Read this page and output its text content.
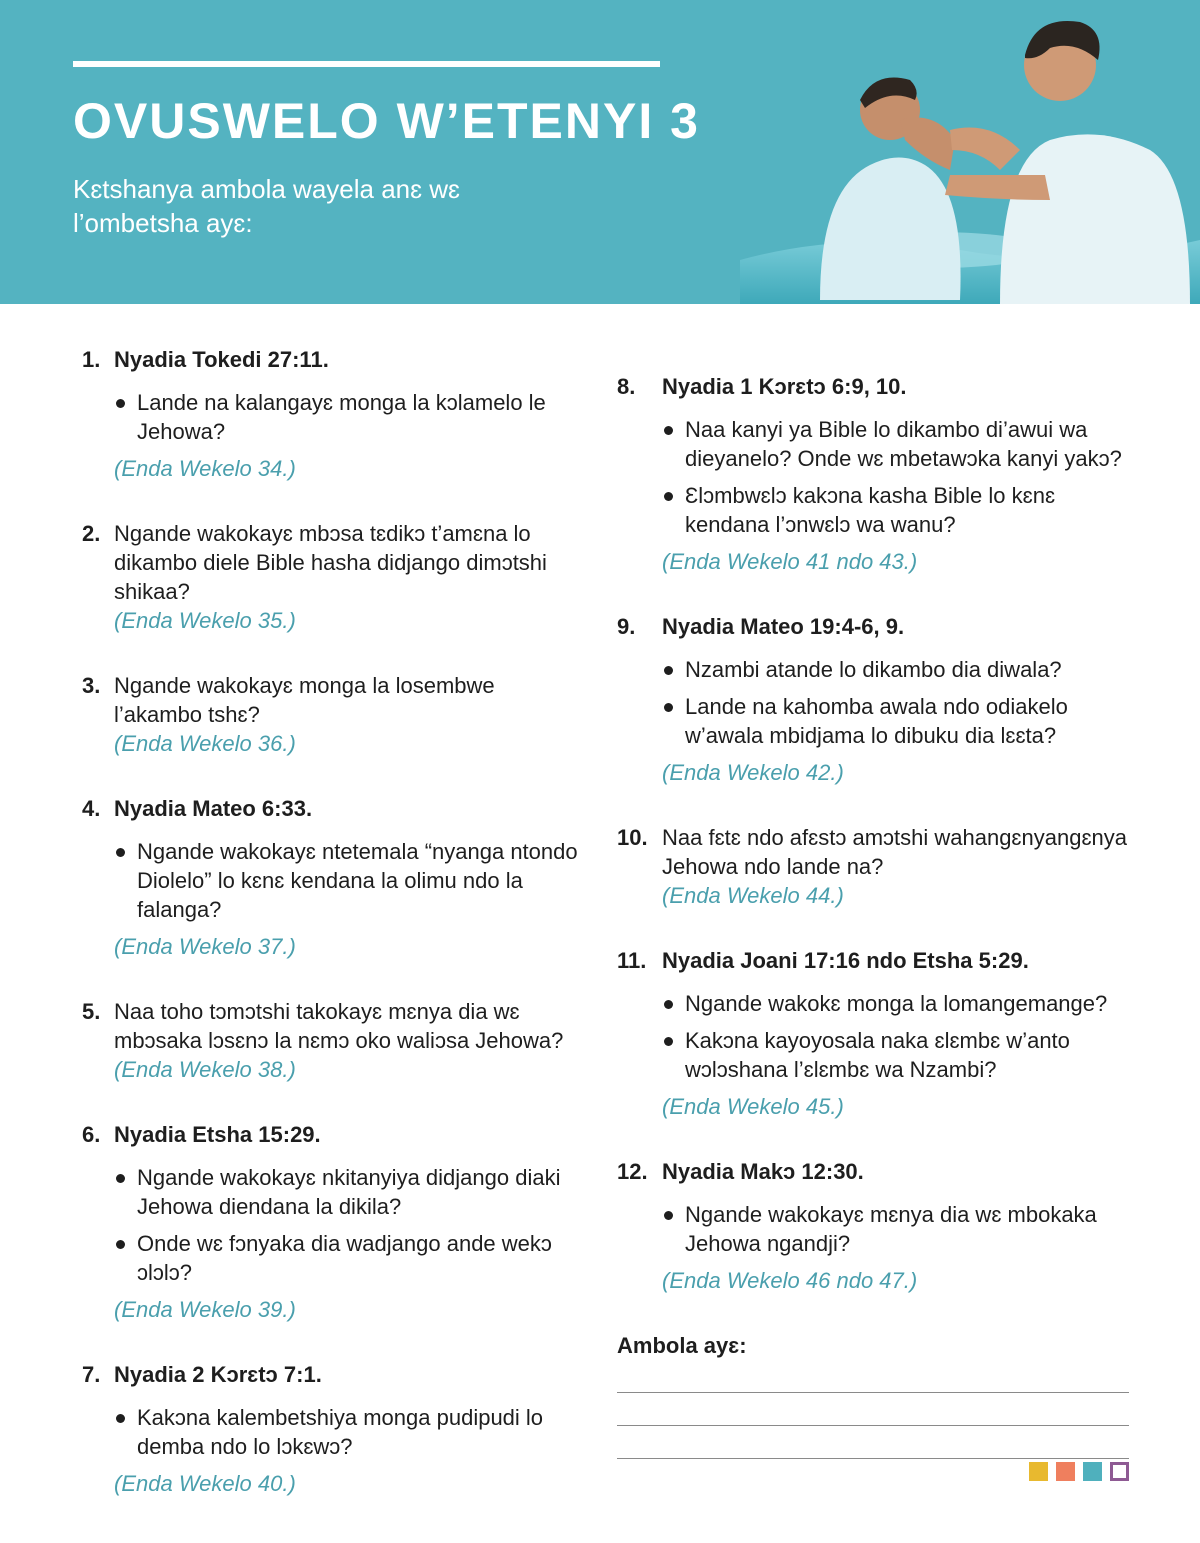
OVUSWELO W’ETENYI 3

Kɛtshanya ambola wayela anɛ wɛ l’ombetsha ayɛ:

1. Nyadia Tokedi 27:11.
Lande na kalangayɛ monga la kɔlamelo le Jehowa?
(Enda Wekelo 34.)
2. Ngande wakokayɛ mbɔsa tɛdikɔ t’amɛna lo dikambo diele Bible hasha didjango dimɔtshi shikaa?
(Enda Wekelo 35.)
3. Ngande wakokayɛ monga la losembwe l’akambo tshɛ?
(Enda Wekelo 36.)
4. Nyadia Mateo 6:33.
Ngande wakokayɛ ntetemala “nyanga ntondo Diolelo” lo kɛnɛ kendana la olimu ndo la falanga?
(Enda Wekelo 37.)
5. Naa toho tɔmɔtshi takokayɛ mɛnya dia wɛ mbɔsaka lɔsɛnɔ la nɛmɔ oko waliɔsa Jehowa?
(Enda Wekelo 38.)
6. Nyadia Etsha 15:29.
Ngande wakokayɛ nkitanyiya didjango diaki Jehowa diendana la dikila?
Onde wɛ fɔnyaka dia wadjango ande wekɔ ɔlɔlɔ?
(Enda Wekelo 39.)
7. Nyadia 2 Kɔrɛtɔ 7:1.
Kakɔna kalembetshiya monga pudipudi lo demba ndo lo lɔkɛwɔ?
(Enda Wekelo 40.)
8. Nyadia 1 Kɔrɛtɔ 6:9, 10.
Naa kanyi ya Bible lo dikambo di’awui wa dieyanelo? Onde wɛ mbetawɔka kanyi yakɔ?
Ɛlɔmbwɛlɔ kakɔna kasha Bible lo kɛnɛ kendana l’ɔnwɛlɔ wa wanu?
(Enda Wekelo 41 ndo 43.)
9. Nyadia Mateo 19:4-6, 9.
Nzambi atande lo dikambo dia diwala?
Lande na kahomba awala ndo odiakelo w’awala mbidjama lo dibuku dia lɛɛta?
(Enda Wekelo 42.)
10. Naa fɛtɛ ndo afɛstɔ amɔtshi wahangɛnyangɛnya Jehowa ndo lande na?
(Enda Wekelo 44.)
11. Nyadia Joani 17:16 ndo Etsha 5:29.
Ngande wakokɛ monga la lomangemange?
Kakɔna kayoyosala naka ɛlɛmbɛ w’anto wɔlɔshana l’ɛlɛmbɛ wa Nzambi?
(Enda Wekelo 45.)
12. Nyadia Makɔ 12:30.
Ngande wakokayɛ mɛnya dia wɛ mbokaka Jehowa ngandji?
(Enda Wekelo 46 ndo 47.)
Ambola ayɛ:
